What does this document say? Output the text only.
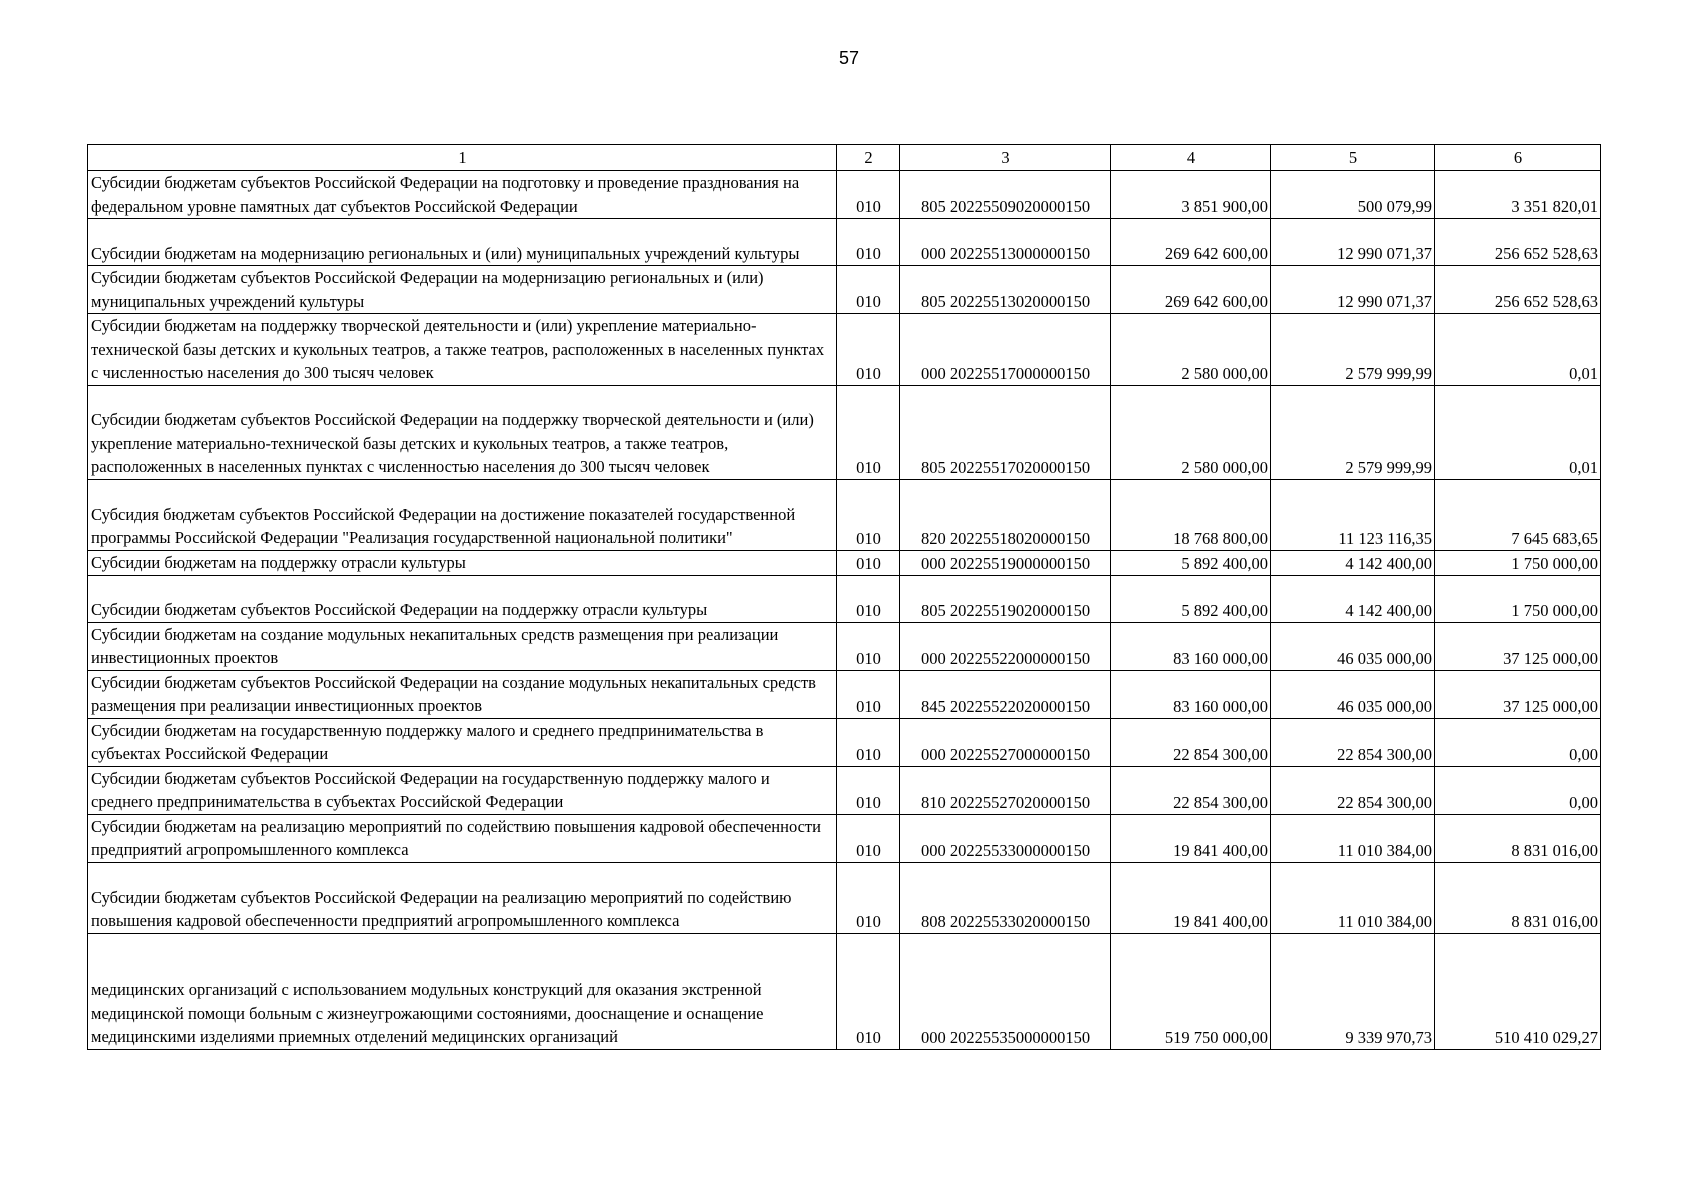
57
1	2	3	4	5	6
Субсидии бюджетам субъектов Российской Федерации на подготовку и проведение празднования на федеральном уровне памятных дат субъектов Российской Федерации	010	805 20225509020000150	3 851 900,00	500 079,99	3 351 820,01
Субсидии бюджетам на модернизацию региональных и (или) муниципальных учреждений культуры	010	000 20225513000000150	269 642 600,00	12 990 071,37	256 652 528,63
Субсидии бюджетам субъектов Российской Федерации на модернизацию региональных и (или) муниципальных учреждений культуры	010	805 20225513020000150	269 642 600,00	12 990 071,37	256 652 528,63
Субсидии бюджетам на поддержку творческой деятельности и (или) укрепление материально-технической базы детских и кукольных театров, а также театров, расположенных в населенных пунктах с численностью населения до 300 тысяч человек	010	000 20225517000000150	2 580 000,00	2 579 999,99	0,01
Субсидии бюджетам субъектов Российской Федерации на поддержку творческой деятельности и (или) укрепление материально-технической базы детских и кукольных театров, а также театров, расположенных в населенных пунктах с численностью населения до 300 тысяч человек	010	805 20225517020000150	2 580 000,00	2 579 999,99	0,01
Субсидия бюджетам субъектов Российской Федерации на достижение показателей государственной программы Российской Федерации "Реализация государственной национальной политики"	010	820 20225518020000150	18 768 800,00	11 123 116,35	7 645 683,65
Субсидии бюджетам на поддержку отрасли культуры	010	000 20225519000000150	5 892 400,00	4 142 400,00	1 750 000,00
Субсидии бюджетам субъектов Российской Федерации на поддержку отрасли культуры	010	805 20225519020000150	5 892 400,00	4 142 400,00	1 750 000,00
Субсидии бюджетам на создание модульных некапитальных средств размещения при реализации инвестиционных проектов	010	000 20225522000000150	83 160 000,00	46 035 000,00	37 125 000,00
Субсидии бюджетам субъектов Российской Федерации на создание модульных некапитальных средств размещения при реализации инвестиционных проектов	010	845 20225522020000150	83 160 000,00	46 035 000,00	37 125 000,00
Субсидии бюджетам на государственную поддержку малого и среднего предпринимательства в субъектах Российской Федерации	010	000 20225527000000150	22 854 300,00	22 854 300,00	0,00
Субсидии бюджетам субъектов Российской Федерации на государственную поддержку малого и среднего предпринимательства в субъектах Российской Федерации	010	810 20225527020000150	22 854 300,00	22 854 300,00	0,00
Субсидии бюджетам на реализацию мероприятий по содействию повышения кадровой обеспеченности предприятий агропромышленного комплекса	010	000 20225533000000150	19 841 400,00	11 010 384,00	8 831 016,00
Субсидии бюджетам субъектов Российской Федерации на реализацию мероприятий по содействию повышения кадровой обеспеченности предприятий агропромышленного комплекса	010	808 20225533020000150	19 841 400,00	11 010 384,00	8 831 016,00
медицинских организаций с использованием модульных конструкций для оказания экстренной медицинской помощи больным с жизнеугрожающими состояниями, дооснащение и оснащение медицинскими изделиями приемных отделений медицинских организаций	010	000 20225535000000150	519 750 000,00	9 339 970,73	510 410 029,27
